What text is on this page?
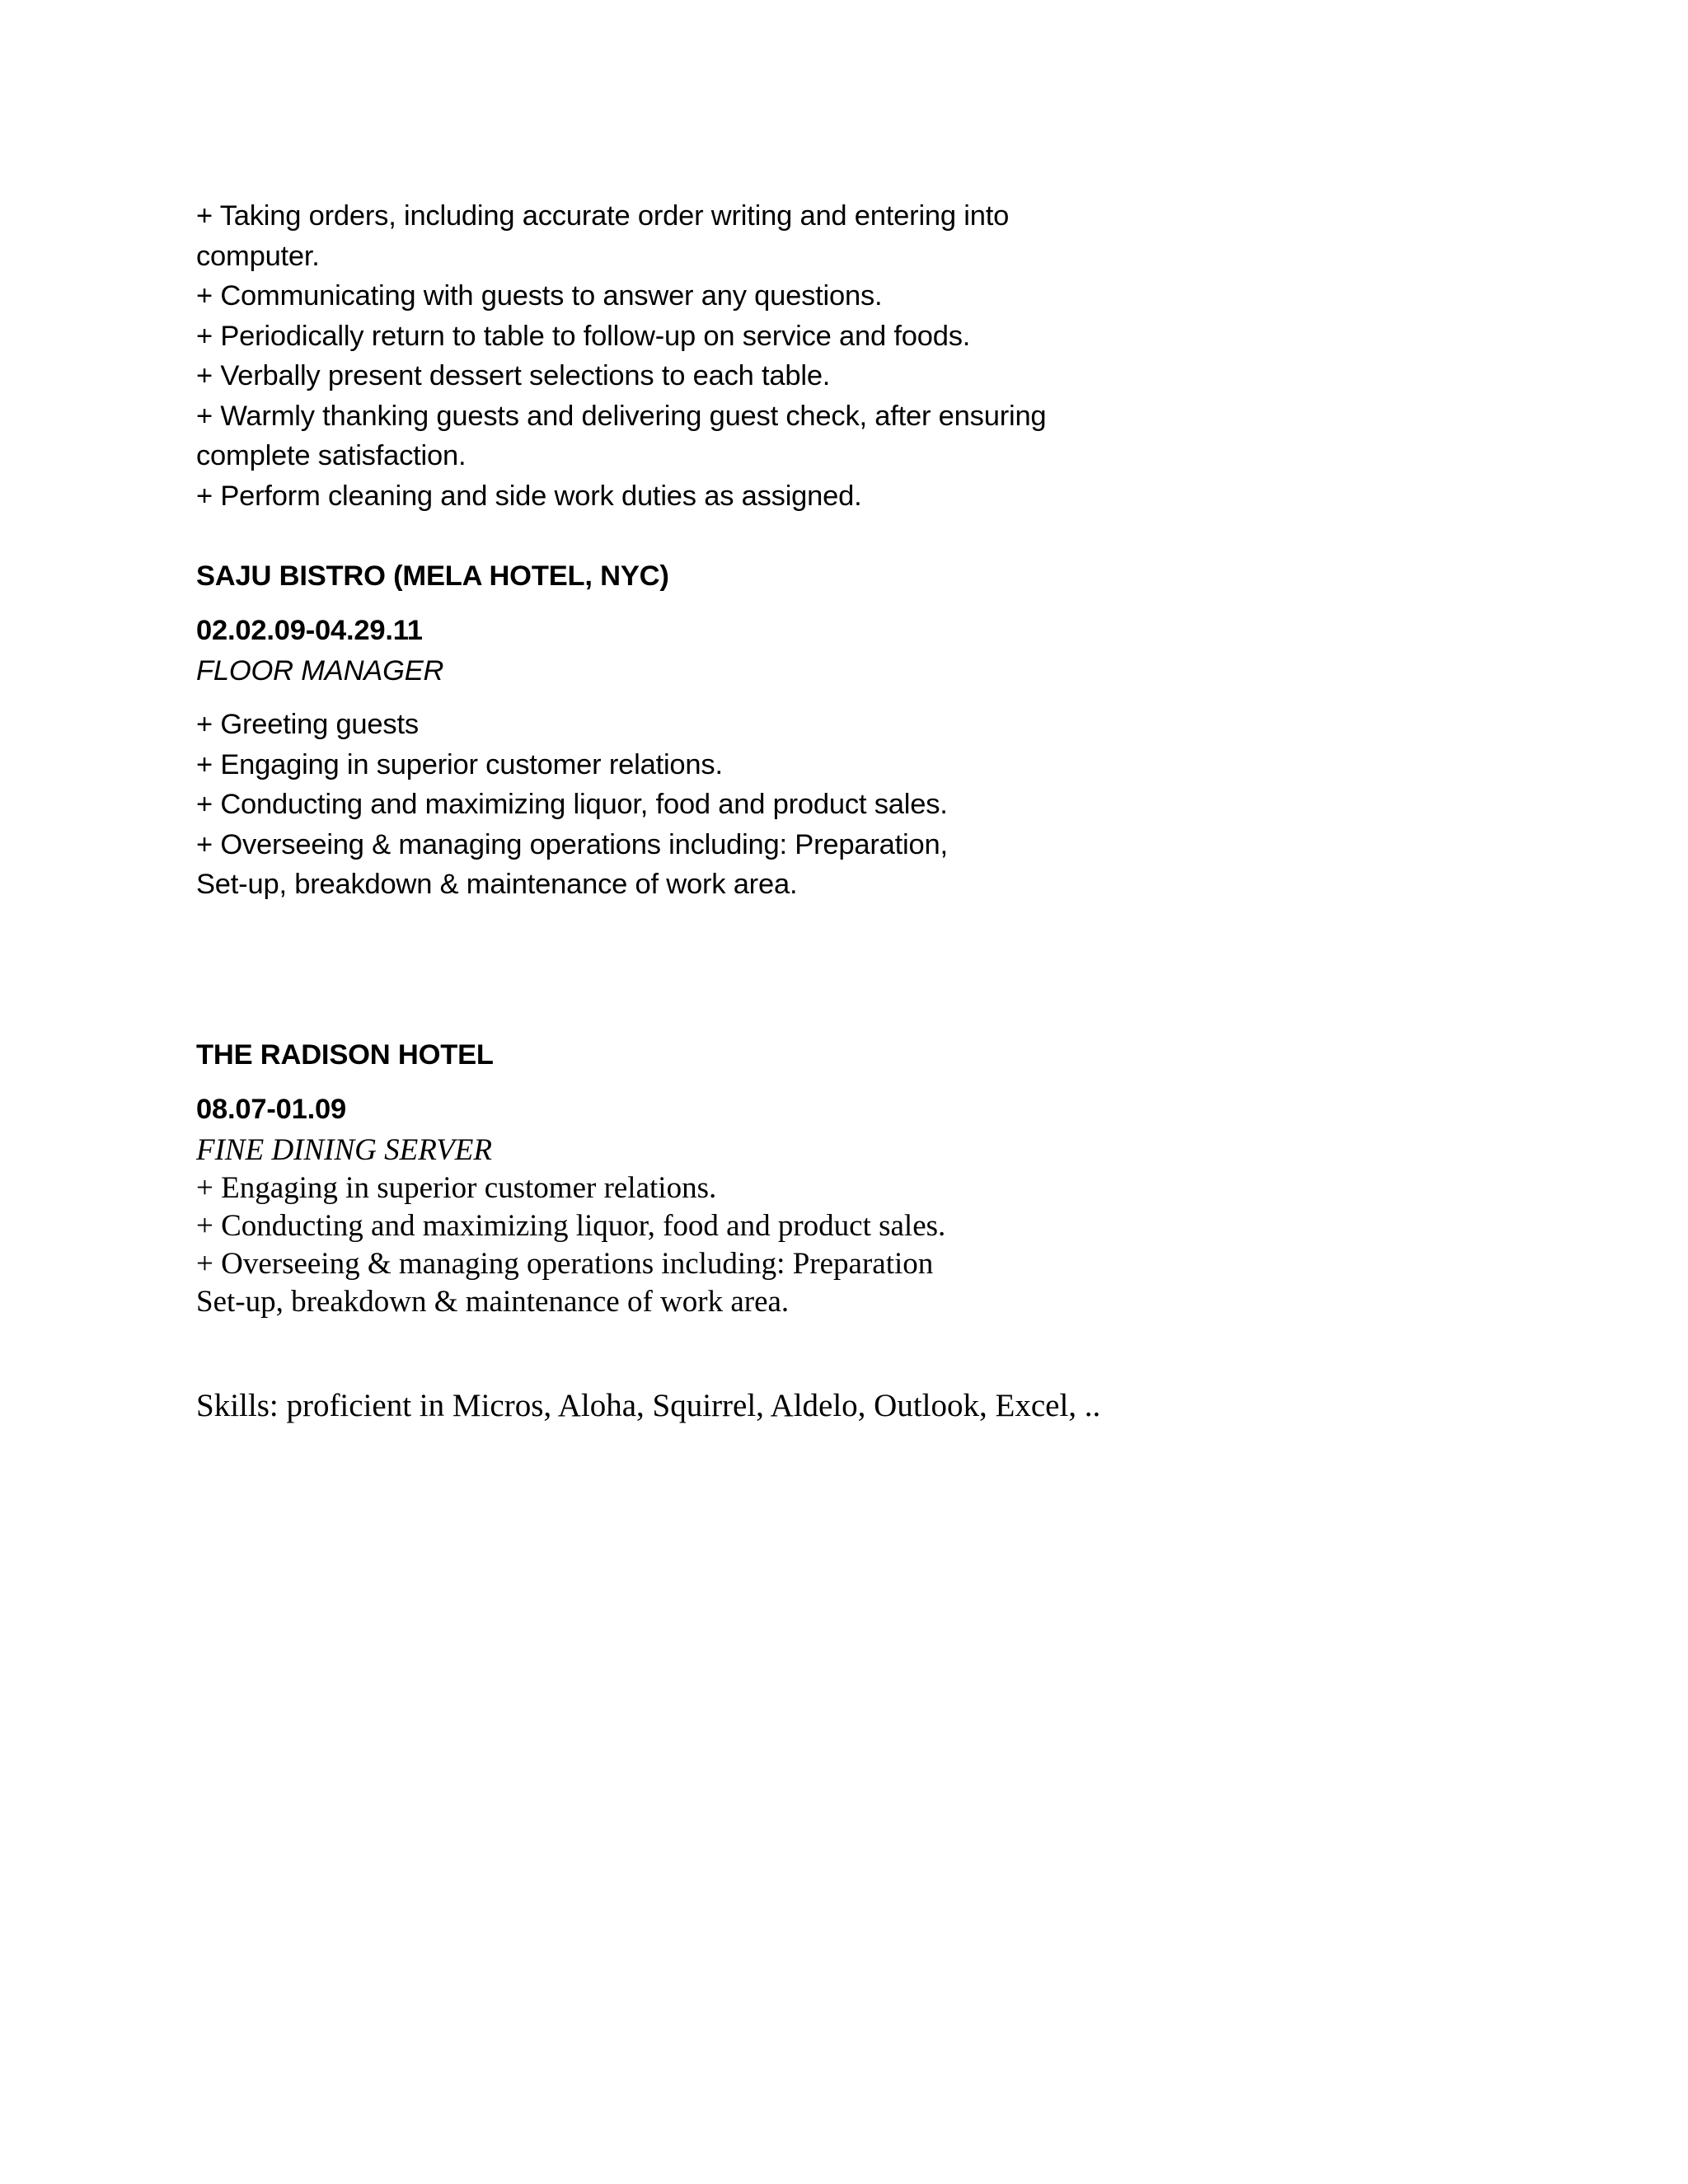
+ Taking orders, including accurate order writing and entering into
computer.
+ Communicating with guests to answer any questions.
+ Periodically return to table to follow-up on service and foods.
+ Verbally present dessert selections to each table.
+ Warmly thanking guests and delivering guest check, after ensuring
complete satisfaction.
+ Perform cleaning and side work duties as assigned.
SAJU BISTRO (MELA HOTEL, NYC)
02.02.09-04.29.11
FLOOR MANAGER
+ Greeting guests
+ Engaging in superior customer relations.
+ Conducting and maximizing liquor, food and product sales.
+ Overseeing & managing operations including: Preparation,
Set-up, breakdown & maintenance of work area.
THE RADISON HOTEL
08.07-01.09
FINE DINING SERVER
+ Engaging in superior customer relations.
+ Conducting and maximizing liquor, food and product sales.
+ Overseeing & managing operations including: Preparation
Set-up, breakdown & maintenance of work area.
Skills: proficient in Micros, Aloha, Squirrel, Aldelo, Outlook, Excel, ..
